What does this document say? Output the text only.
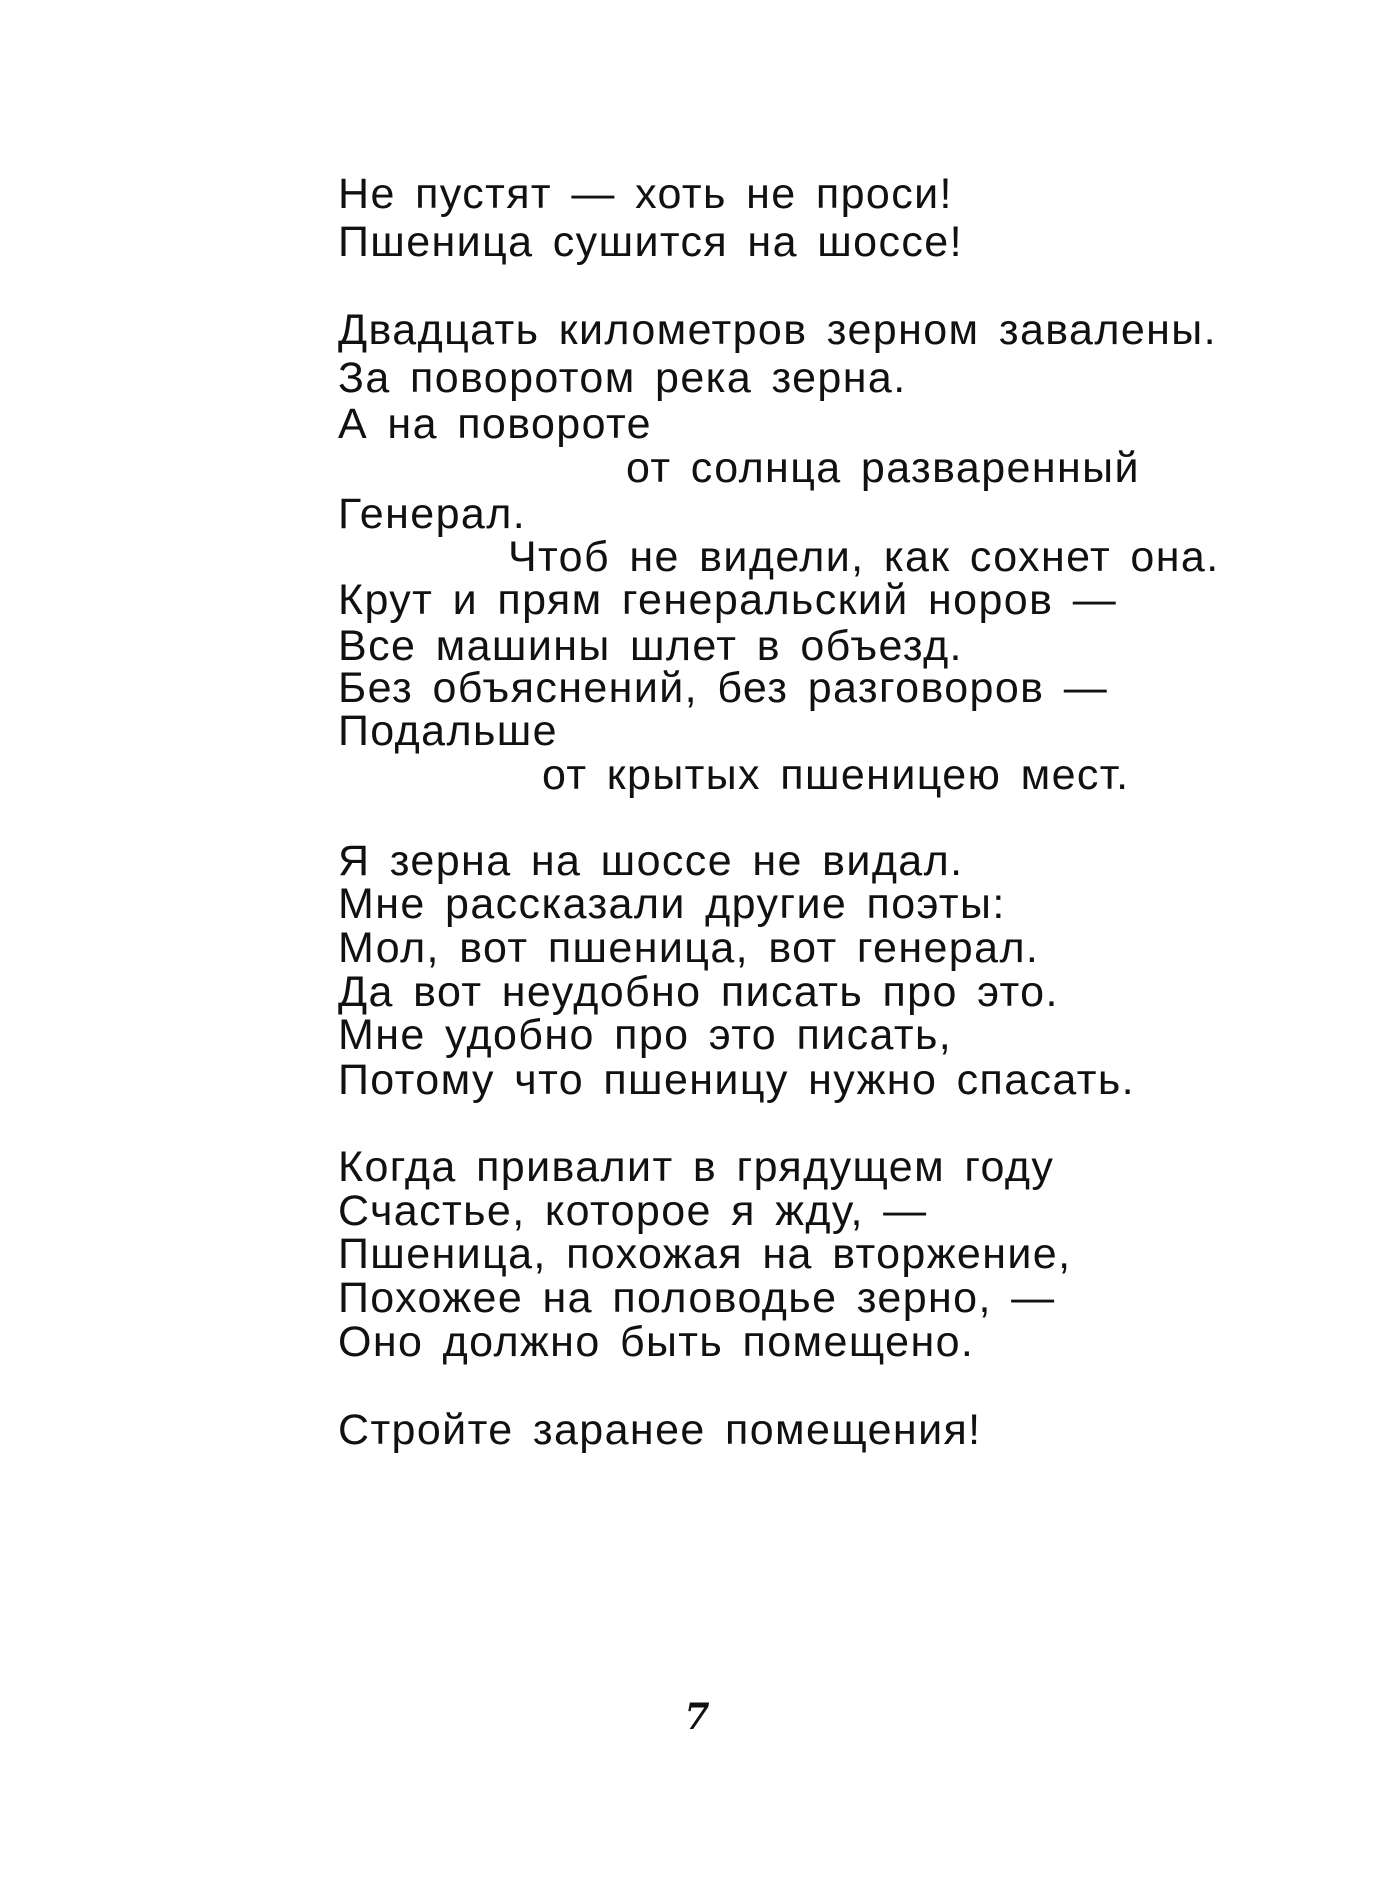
Не пустят — хоть не проси!
Пшеница сушится на шоссе!
Двадцать километров зерном завалены.
За поворотом река зерна.
А на повороте
от солнца разваренный
Генерал.
Чтоб не видели, как сохнет она.
Крут и прям генеральский норов —
Все машины шлет в объезд.
Без объяснений, без разговоров —
Подальше
от крытых пшеницею мест.
Я зерна на шоссе не видал.
Мне рассказали другие поэты:
Мол, вот пшеница, вот генерал.
Да вот неудобно писать про это.
Мне удобно про это писать,
Потому что пшеницу нужно спасать.
Когда привалит в грядущем году
Счастье, которое я жду, —
Пшеница, похожая на вторжение,
Похожее на половодье зерно, —
Оно должно быть помещено.
Стройте заранее помещения!
7
